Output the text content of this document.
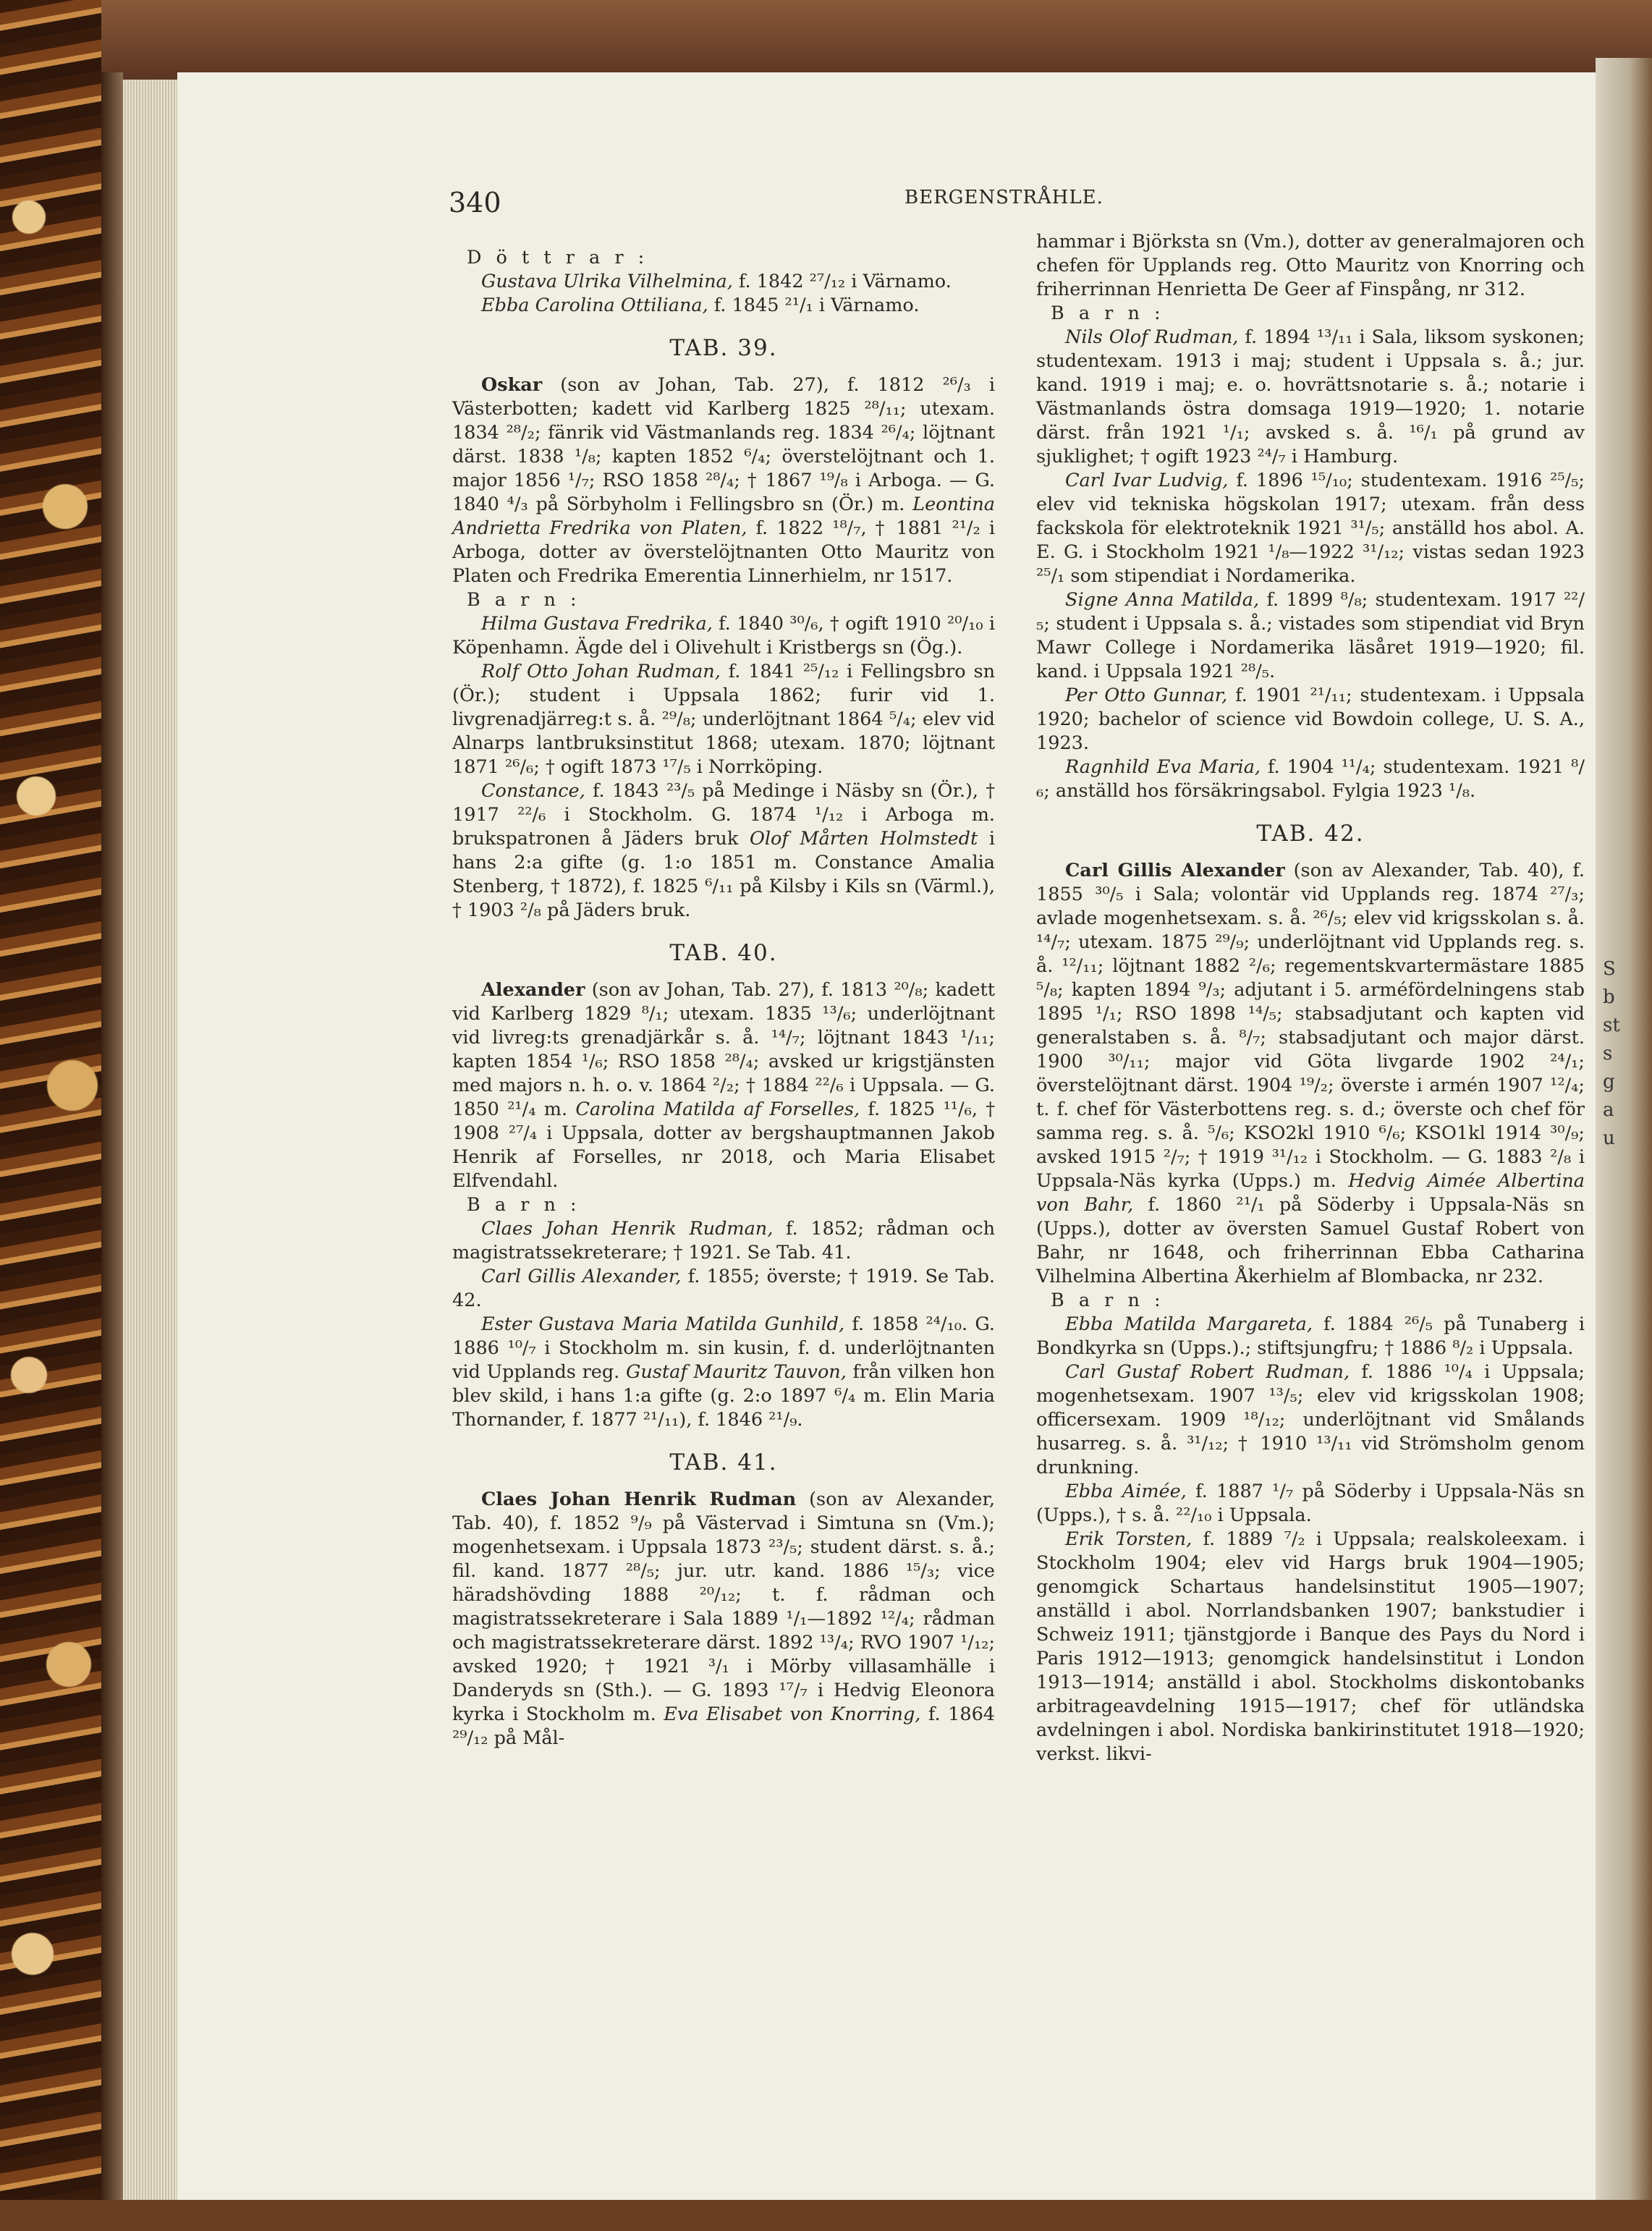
S
b
st
s
g
a
u
340	BERGENSTRÅHLE.

D ö t t r a r :

Gustava Ulrika Vilhelmina, f. 1842 ²⁷/₁₂ i Värnamo.

Ebba Carolina Ottiliana, f. 1845 ²¹/₁ i Värnamo.

TAB. 39.

Oskar (son av Johan, Tab. 27), f. 1812 ²⁶/₃ i Västerbotten; kadett vid Karlberg 1825 ²⁸/₁₁; utexam. 1834 ²⁸/₂; fänrik vid Västmanlands reg. 1834 ²⁶/₄; löjtnant därst. 1838 ¹/₈; kapten 1852 ⁶/₄; överstelöjtnant och 1. major 1856 ¹/₇; RSO 1858 ²⁸/₄; † 1867 ¹⁹/₈ i Arboga. — G. 1840 ⁴/₃ på Sörbyholm i Fellingsbro sn (Ör.) m. Leontina Andrietta Fredrika von Platen, f. 1822 ¹⁸/₇, † 1881 ²¹/₂ i Arboga, dotter av överstelöjtnanten Otto Mauritz von Platen och Fredrika Emerentia Linnerhielm, nr 1517.

B a r n :

Hilma Gustava Fredrika, f. 1840 ³⁰/₆, † ogift 1910 ²⁰/₁₀ i Köpenhamn. Ägde del i Olivehult i Kristbergs sn (Ög.).

Rolf Otto Johan Rudman, f. 1841 ²⁵/₁₂ i Fellingsbro sn (Ör.); student i Uppsala 1862; furir vid 1. livgrenadjärreg:t s. å. ²⁹/₈; underlöjtnant 1864 ⁵/₄; elev vid Alnarps lantbruksinstitut 1868; utexam. 1870; löjtnant 1871 ²⁶/₆; † ogift 1873 ¹⁷/₅ i Norrköping.

Constance, f. 1843 ²³/₅ på Medinge i Näsby sn (Ör.), † 1917 ²²/₆ i Stockholm. G. 1874 ¹/₁₂ i Arboga m. brukspatronen å Jäders bruk Olof Mårten Holmstedt i hans 2:a gifte (g. 1:o 1851 m. Constance Amalia Stenberg, † 1872), f. 1825 ⁶/₁₁ på Kilsby i Kils sn (Värml.), † 1903 ²/₈ på Jäders bruk.

TAB. 40.

Alexander (son av Johan, Tab. 27), f. 1813 ²⁰/₈; kadett vid Karlberg 1829 ⁸/₁; utexam. 1835 ¹³/₆; underlöjtnant vid livreg:ts grenadjärkår s. å. ¹⁴/₇; löjtnant 1843 ¹/₁₁; kapten 1854 ¹/₆; RSO 1858 ²⁸/₄; avsked ur krigstjänsten med majors n. h. o. v. 1864 ²/₂; † 1884 ²²/₆ i Uppsala. — G. 1850 ²¹/₄ m. Carolina Matilda af Forselles, f. 1825 ¹¹/₆, † 1908 ²⁷/₄ i Uppsala, dotter av bergshauptmannen Jakob Henrik af Forselles, nr 2018, och Maria Elisabet Elfvendahl.

B a r n :

Claes Johan Henrik Rudman, f. 1852; rådman och magistratssekreterare; † 1921. Se Tab. 41.

Carl Gillis Alexander, f. 1855; överste; † 1919. Se Tab. 42.

Ester Gustava Maria Matilda Gunhild, f. 1858 ²⁴/₁₀. G. 1886 ¹⁰/₇ i Stockholm m. sin kusin, f. d. underlöjtnanten vid Upplands reg. Gustaf Mauritz Tauvon, från vilken hon blev skild, i hans 1:a gifte (g. 2:o 1897 ⁶/₄ m. Elin Maria Thornander, f. 1877 ²¹/₁₁), f. 1846 ²¹/₉.

TAB. 41.

Claes Johan Henrik Rudman (son av Alexander, Tab. 40), f. 1852 ⁹/₉ på Västervad i Simtuna sn (Vm.); mogenhetsexam. i Uppsala 1873 ²³/₅; student därst. s. å.; fil. kand. 1877 ²⁸/₅; jur. utr. kand. 1886 ¹⁵/₃; vice häradshövding 1888 ²⁰/₁₂; t. f. rådman och magistratssekreterare i Sala 1889 ¹/₁—1892 ¹²/₄; rådman och magistratssekreterare därst. 1892 ¹³/₄; RVO 1907 ¹/₁₂; avsked 1920; † 1921 ³/₁ i Mörby villasamhälle i Danderyds sn (Sth.). — G. 1893 ¹⁷/₇ i Hedvig Eleonora kyrka i Stockholm m. Eva Elisabet von Knorring, f. 1864 ²⁹/₁₂ på Mål-

hammar i Björksta sn (Vm.), dotter av generalmajoren och chefen för Upplands reg. Otto Mauritz von Knorring och friherrinnan Henrietta De Geer af Finspång, nr 312.

B a r n :

Nils Olof Rudman, f. 1894 ¹³/₁₁ i Sala, liksom syskonen; studentexam. 1913 i maj; student i Uppsala s. å.; jur. kand. 1919 i maj; e. o. hovrättsnotarie s. å.; notarie i Västmanlands östra domsaga 1919—1920; 1. notarie därst. från 1921 ¹/₁; avsked s. å. ¹⁶/₁ på grund av sjuklighet; † ogift 1923 ²⁴/₇ i Hamburg.

Carl Ivar Ludvig, f. 1896 ¹⁵/₁₀; studentexam. 1916 ²⁵/₅; elev vid tekniska högskolan 1917; utexam. från dess fackskola för elektroteknik 1921 ³¹/₅; anställd hos abol. A. E. G. i Stockholm 1921 ¹/₈—1922 ³¹/₁₂; vistas sedan 1923 ²⁵/₁ som stipendiat i Nordamerika.

Signe Anna Matilda, f. 1899 ⁸/₈; studentexam. 1917 ²²/₅; student i Uppsala s. å.; vistades som stipendiat vid Bryn Mawr College i Nordamerika läsåret 1919—1920; fil. kand. i Uppsala 1921 ²⁸/₅.

Per Otto Gunnar, f. 1901 ²¹/₁₁; studentexam. i Uppsala 1920; bachelor of science vid Bowdoin college, U. S. A., 1923.

Ragnhild Eva Maria, f. 1904 ¹¹/₄; studentexam. 1921 ⁸/₆; anställd hos försäkringsabol. Fylgia 1923 ¹/₈.

TAB. 42.

Carl Gillis Alexander (son av Alexander, Tab. 40), f. 1855 ³⁰/₅ i Sala; volontär vid Upplands reg. 1874 ²⁷/₃; avlade mogenhetsexam. s. å. ²⁶/₅; elev vid krigsskolan s. å. ¹⁴/₇; utexam. 1875 ²⁹/₉; underlöjtnant vid Upplands reg. s. å. ¹²/₁₁; löjtnant 1882 ²/₆; regementskvartermästare 1885 ⁵/₈; kapten 1894 ⁹/₃; adjutant i 5. arméfördelningens stab 1895 ¹/₁; RSO 1898 ¹⁴/₅; stabsadjutant och kapten vid generalstaben s. å. ⁸/₇; stabsadjutant och major därst. 1900 ³⁰/₁₁; major vid Göta livgarde 1902 ²⁴/₁; överstelöjtnant därst. 1904 ¹⁹/₂; överste i armén 1907 ¹²/₄; t. f. chef för Västerbottens reg. s. d.; överste och chef för samma reg. s. å. ⁵/₆; KSO2kl 1910 ⁶/₆; KSO1kl 1914 ³⁰/₉; avsked 1915 ²/₇; † 1919 ³¹/₁₂ i Stockholm. — G. 1883 ²/₈ i Uppsala-Näs kyrka (Upps.) m. Hedvig Aimée Albertina von Bahr, f. 1860 ²¹/₁ på Söderby i Uppsala-Näs sn (Upps.), dotter av översten Samuel Gustaf Robert von Bahr, nr 1648, och friherrinnan Ebba Catharina Vilhelmina Albertina Åkerhielm af Blombacka, nr 232.

B a r n :

Ebba Matilda Margareta, f. 1884 ²⁶/₅ på Tunaberg i Bondkyrka sn (Upps.).; stiftsjungfru; † 1886 ⁸/₂ i Uppsala.

Carl Gustaf Robert Rudman, f. 1886 ¹⁰/₄ i Uppsala; mogenhetsexam. 1907 ¹³/₅; elev vid krigsskolan 1908; officersexam. 1909 ¹⁸/₁₂; underlöjtnant vid Smålands husarreg. s. å. ³¹/₁₂; † 1910 ¹³/₁₁ vid Strömsholm genom drunkning.

Ebba Aimée, f. 1887 ¹/₇ på Söderby i Uppsala-Näs sn (Upps.), † s. å. ²²/₁₀ i Uppsala.

Erik Torsten, f. 1889 ⁷/₂ i Uppsala; realskoleexam. i Stockholm 1904; elev vid Hargs bruk 1904—1905; genomgick Schartaus handelsinstitut 1905—1907; anställd i abol. Norrlandsbanken 1907; bankstudier i Schweiz 1911; tjänstgjorde i Banque des Pays du Nord i Paris 1912—1913; genomgick handelsinstitut i London 1913—1914; anställd i abol. Stockholms diskontobanks arbitrageavdelning 1915—1917; chef för utländska avdelningen i abol. Nordiska bankirinstitutet 1918—1920; verkst. likvi-
